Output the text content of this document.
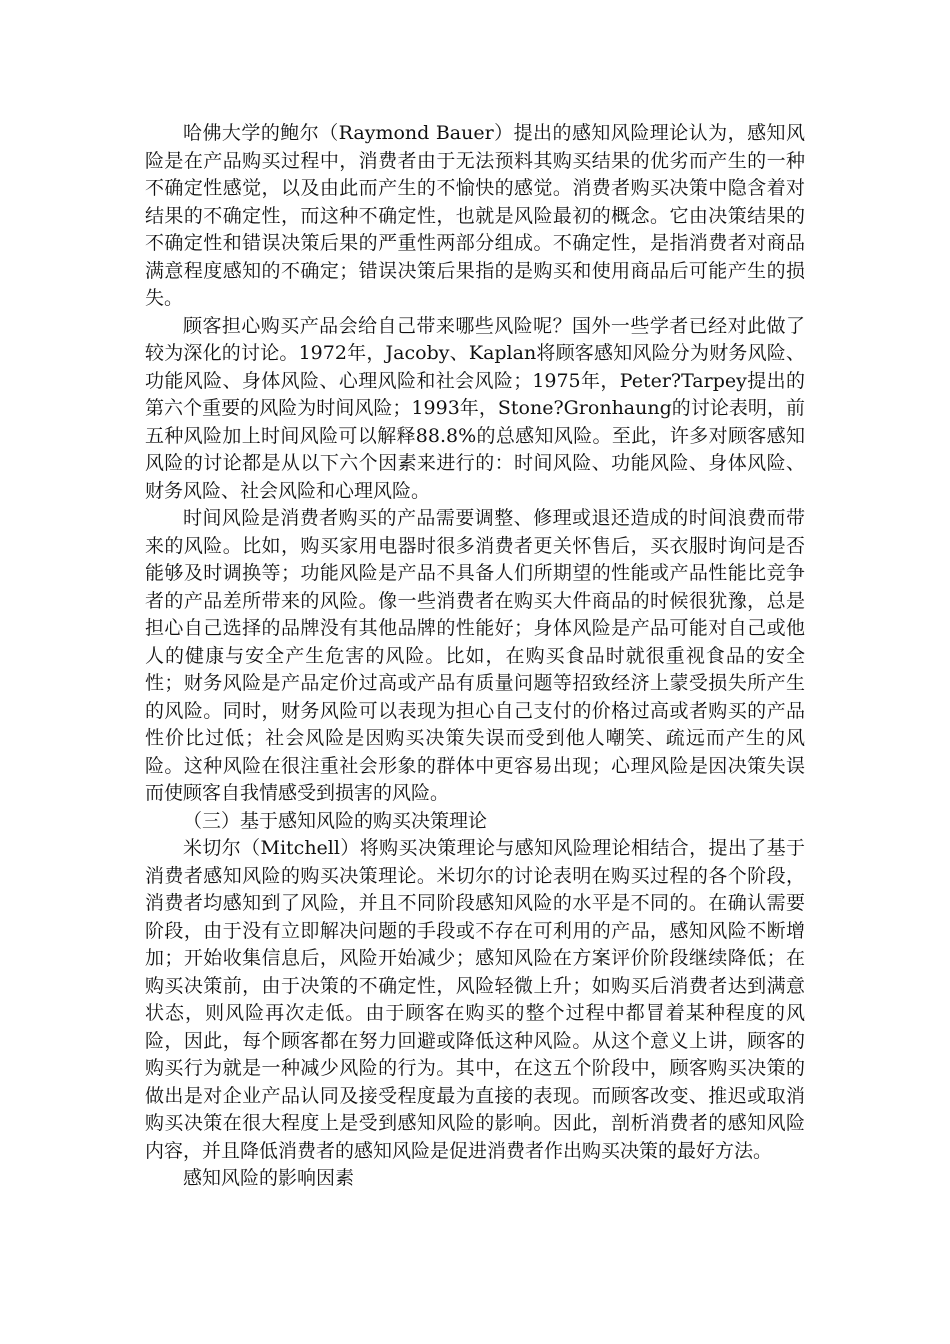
哈佛大学的鲍尔（Raymond Bauer）提出的感知风险理论认为，感知风险是在产品购买过程中，消费者由于无法预料其购买结果的优劣而产生的一种不确定性感觉，以及由此而产生的不愉快的感觉。消费者购买决策中隐含着对结果的不确定性，而这种不确定性，也就是风险最初的概念。它由决策结果的不确定性和错误决策后果的严重性两部分组成。不确定性，是指消费者对商品满意程度感知的不确定；错误决策后果指的是购买和使用商品后可能产生的损失。

顾客担心购买产品会给自己带来哪些风险呢？国外一些学者已经对此做了较为深化的讨论。1972年，Jacoby、Kaplan将顾客感知风险分为财务风险、功能风险、身体风险、心理风险和社会风险；1975年，Peter?Tarpey提出的第六个重要的风险为时间风险；1993年，Stone?Gronhaung的讨论表明，前五种风险加上时间风险可以解释88.8%的总感知风险。至此，许多对顾客感知风险的讨论都是从以下六个因素来进行的：时间风险、功能风险、身体风险、财务风险、社会风险和心理风险。

时间风险是消费者购买的产品需要调整、修理或退还造成的时间浪费而带来的风险。比如，购买家用电器时很多消费者更关怀售后，买衣服时询问是否能够及时调换等；功能风险是产品不具备人们所期望的性能或产品性能比竞争者的产品差所带来的风险。像一些消费者在购买大件商品的时候很犹豫，总是担心自己选择的品牌没有其他品牌的性能好；身体风险是产品可能对自己或他人的健康与安全产生危害的风险。比如，在购买食品时就很重视食品的安全性；财务风险是产品定价过高或产品有质量问题等招致经济上蒙受损失所产生的风险。同时，财务风险可以表现为担心自己支付的价格过高或者购买的产品性价比过低；社会风险是因购买决策失误而受到他人嘲笑、疏远而产生的风险。这种风险在很注重社会形象的群体中更容易出现；心理风险是因决策失误而使顾客自我情感受到损害的风险。

（三）基于感知风险的购买决策理论

米切尔（Mitchell）将购买决策理论与感知风险理论相结合，提出了基于消费者感知风险的购买决策理论。米切尔的讨论表明在购买过程的各个阶段，消费者均感知到了风险，并且不同阶段感知风险的水平是不同的。在确认需要阶段，由于没有立即解决问题的手段或不存在可利用的产品，感知风险不断增加；开始收集信息后，风险开始减少；感知风险在方案评价阶段继续降低；在购买决策前，由于决策的不确定性，风险轻微上升；如购买后消费者达到满意状态，则风险再次走低。由于顾客在购买的整个过程中都冒着某种程度的风险，因此，每个顾客都在努力回避或降低这种风险。从这个意义上讲，顾客的购买行为就是一种减少风险的行为。其中，在这五个阶段中，顾客购买决策的做出是对企业产品认同及接受程度最为直接的表现。而顾客改变、推迟或取消购买决策在很大程度上是受到感知风险的影响。因此，剖析消费者的感知风险内容，并且降低消费者的感知风险是促进消费者作出购买决策的最好方法。

感知风险的影响因素
